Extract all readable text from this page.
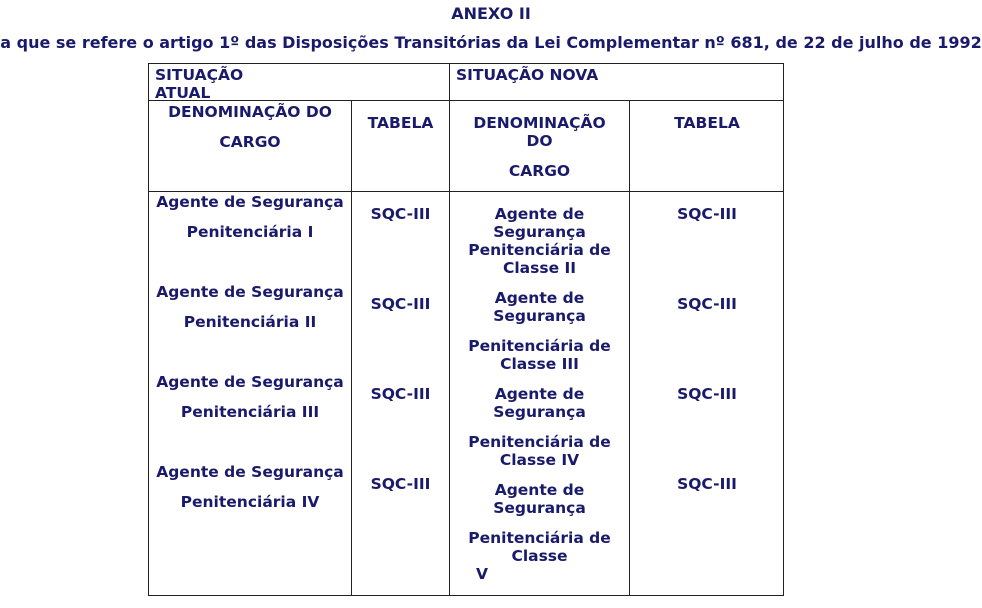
ANEXO II
a que se refere o artigo 1º das Disposições Transitórias da Lei Complementar nº 681, de 22 de julho de 1992
SITUAÇÃO
ATUAL
SITUAÇÃO NOVA
DENOMINAÇÃO DO
CARGO
TABELA	DENOMINAÇÃO
DO
CARGO
TABELA
Agente de Segurança
Penitenciária I
Agente de Segurança
Penitenciária II
Agente de Segurança
Penitenciária III
Agente de Segurança
Penitenciária IV
SQC-III
SQC-III
SQC-III
SQC-III
Agente de
Segurança
Penitenciária de
Classe II
Agente de
Segurança
Penitenciária de
Classe III
Agente de
Segurança
Penitenciária de
Classe IV
Agente de
Segurança
Penitenciária de
Classe
V
SQC-III
SQC-III
SQC-III
SQC-III
